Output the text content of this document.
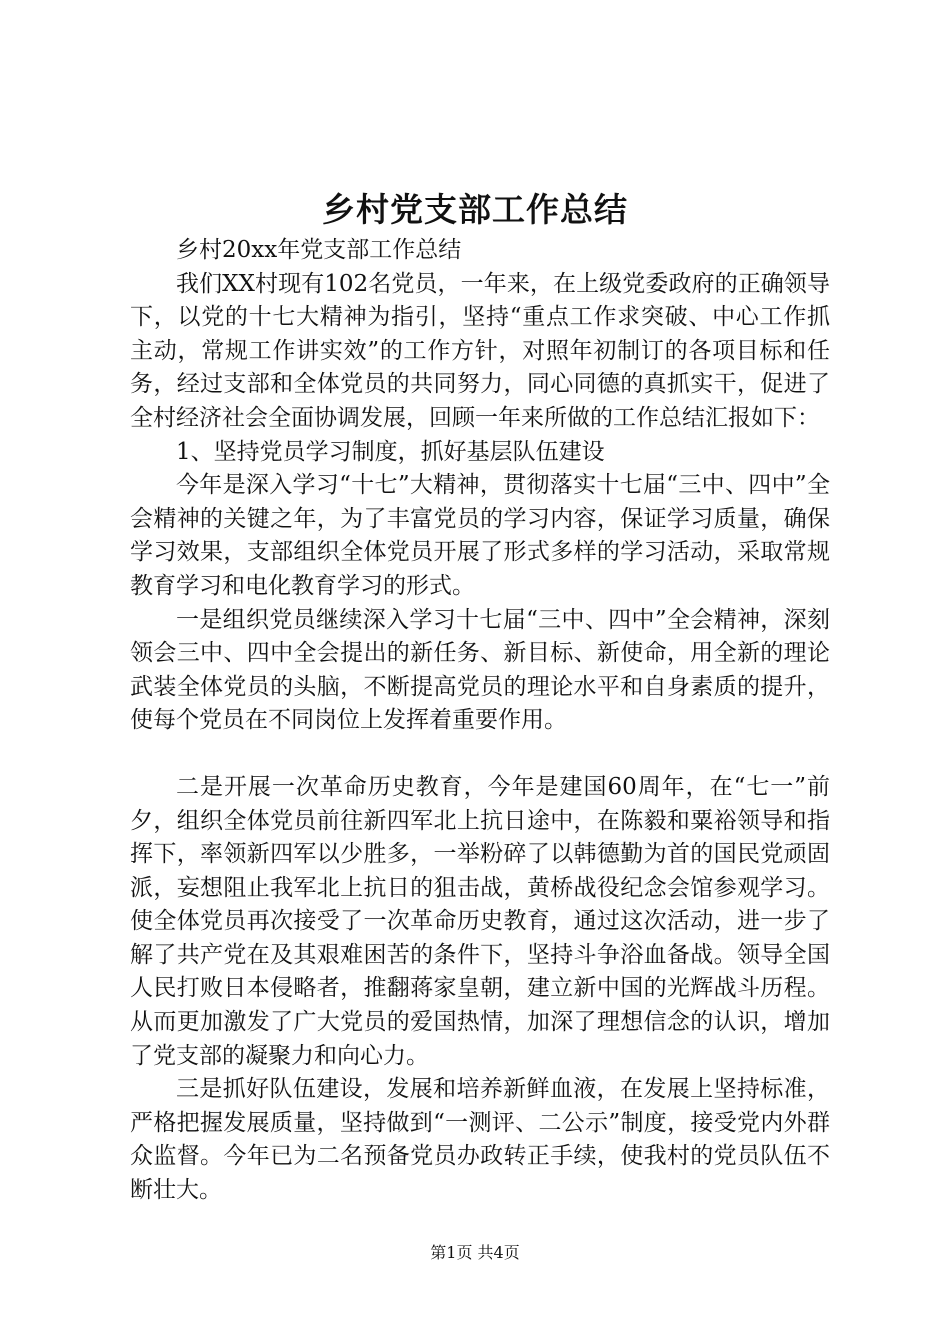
乡村党支部工作总结

乡村20xx年党支部工作总结

我们XX村现有102名党员，一年来，在上级党委政府的正确领导下，以党的十七大精神为指引，坚持“重点工作求突破、中心工作抓主动，常规工作讲实效”的工作方针，对照年初制订的各项目标和任务，经过支部和全体党员的共同努力，同心同德的真抓实干，促进了全村经济社会全面协调发展，回顾一年来所做的工作总结汇报如下：

1、坚持党员学习制度，抓好基层队伍建设

今年是深入学习“十七”大精神，贯彻落实十七届“三中、四中”全会精神的关键之年，为了丰富党员的学习内容，保证学习质量，确保学习效果，支部组织全体党员开展了形式多样的学习活动，采取常规教育学习和电化教育学习的形式。

一是组织党员继续深入学习十七届“三中、四中”全会精神，深刻领会三中、四中全会提出的新任务、新目标、新使命，用全新的理论武装全体党员的头脑，不断提高党员的理论水平和自身素质的提升，使每个党员在不同岗位上发挥着重要作用。

二是开展一次革命历史教育，今年是建国60周年，在“七一”前夕，组织全体党员前往新四军北上抗日途中，在陈毅和粟裕领导和指挥下，率领新四军以少胜多，一举粉碎了以韩德勤为首的国民党顽固派，妄想阻止我军北上抗日的狙击战，黄桥战役纪念会馆参观学习。使全体党员再次接受了一次革命历史教育，通过这次活动，进一步了解了共产党在及其艰难困苦的条件下，坚持斗争浴血备战。领导全国人民打败日本侵略者，推翻蒋家皇朝，建立新中国的光辉战斗历程。从而更加激发了广大党员的爱国热情，加深了理想信念的认识，增加了党支部的凝聚力和向心力。

三是抓好队伍建设，发展和培养新鲜血液，在发展上坚持标准，严格把握发展质量，坚持做到“一测评、二公示”制度，接受党内外群众监督。今年已为二名预备党员办政转正手续，使我村的党员队伍不断壮大。

第1页 共4页
